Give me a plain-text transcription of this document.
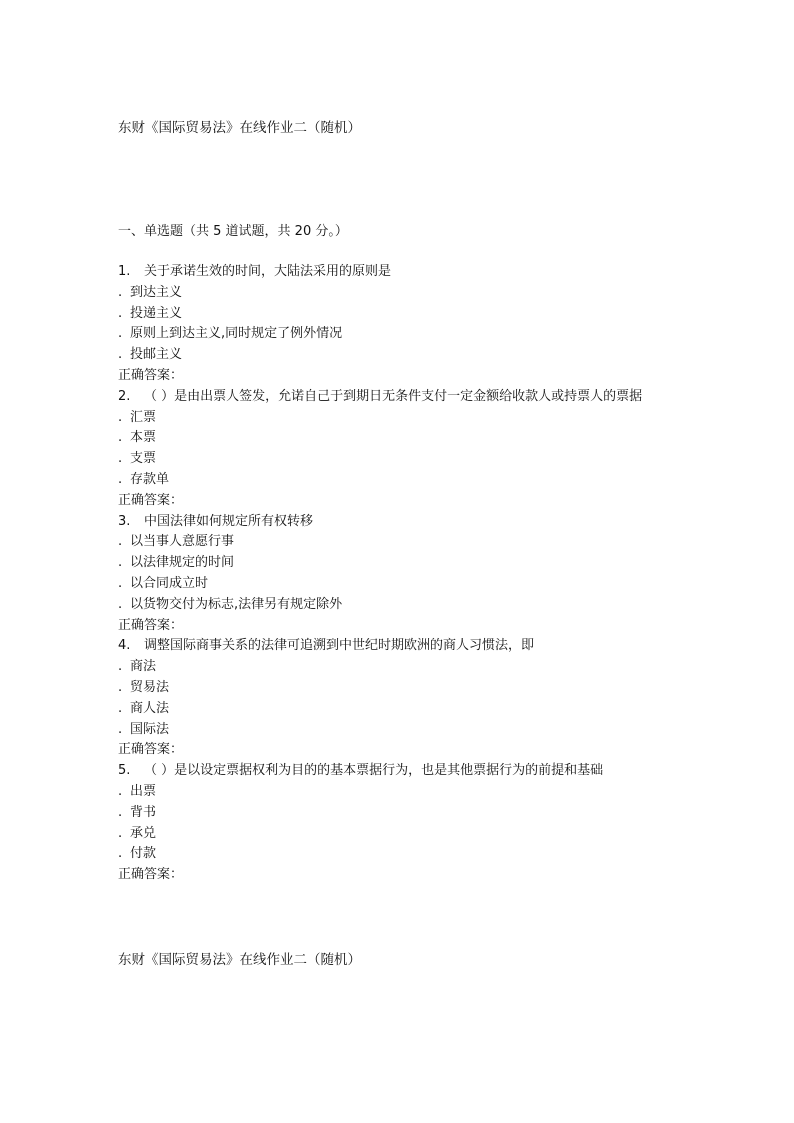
东财《国际贸易法》在线作业二（随机）
一、单选题（共 5 道试题，共 20 分。）
1. 关于承诺生效的时间，大陆法采用的原则是
. 到达主义
. 投递主义
. 原则上到达主义,同时规定了例外情况
. 投邮主义
正确答案：
2. （ ）是由出票人签发，允诺自己于到期日无条件支付一定金额给收款人或持票人的票据
. 汇票
. 本票
. 支票
. 存款单
正确答案：
3. 中国法律如何规定所有权转移
. 以当事人意愿行事
. 以法律规定的时间
. 以合同成立时
. 以货物交付为标志,法律另有规定除外
正确答案：
4. 调整国际商事关系的法律可追溯到中世纪时期欧洲的商人习惯法，即
. 商法
. 贸易法
. 商人法
. 国际法
正确答案：
5. （ ）是以设定票据权利为目的的基本票据行为，也是其他票据行为的前提和基础
. 出票
. 背书
. 承兑
. 付款
正确答案：
东财《国际贸易法》在线作业二（随机）
